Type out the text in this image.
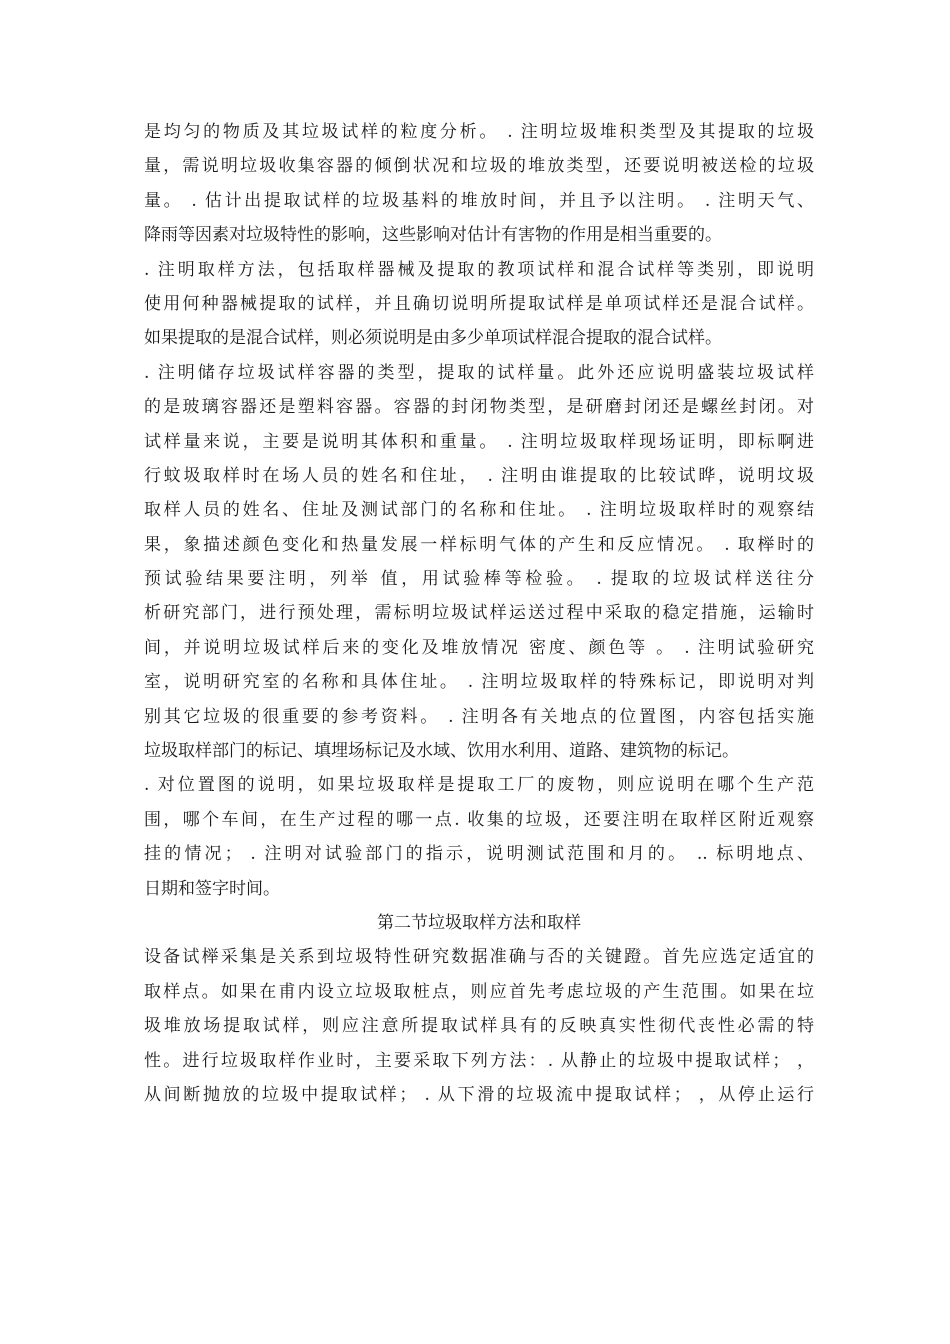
是均匀的物质及其垃圾试样的粒度分析。 . 注明垃圾堆积类型及其提取的垃圾
量，需说明垃圾收集容器的倾倒状况和垃圾的堆放类型，还要说明被送检的垃圾
量。 . 估计出提取试样的垃圾基料的堆放时间，并且予以注明。 . 注明天气、
降雨等因素对垃圾特性的影响，这些影响对估计有害物的作用是相当重要的。
. 注明取样方法，包括取样器械及提取的教项试样和混合试样等类别，即说明
使用何种器械提取的试样，并且确切说明所提取试样是单项试样还是混合试样。
如果提取的是混合试样，则必须说明是由多少单项试样混合提取的混合试样。
. 注明储存垃圾试样容器的类型，提取的试样量。此外还应说明盛装垃圾试样
的是玻璃容器还是塑料容器。容器的封闭物类型，是研磨封闭还是螺丝封闭。对
试样量来说，主要是说明其体积和重量。 . 注明垃圾取样现场证明，即标啊进
行蚊圾取样时在场人员的姓名和住址， . 注明由谁提取的比较试晔，说明坟圾
取样人员的姓名、住址及测试部门的名称和住址。 . 注明垃圾取样时的观察结
果，象描述颜色变化和热量发展一样标明气体的产生和反应情况。 . 取榉时的
预试验结果要注明，列举 值，用试验棒等检验。 . 提取的垃圾试样送往分
析研究部门，进行预处理，需标明垃圾试样运送过程中采取的稳定措施，运输时
间，并说明垃圾试样后来的变化及堆放情况 密度、颜色等 。 . 注明试验研究
室，说明研究室的名称和具体住址。 . 注明垃圾取样的特殊标记，即说明对判
别其它垃圾的很重要的参考资料。 . 注明各有关地点的位置图，内容包括实施
垃圾取样部门的标记、填埋场标记及水域、饮用水利用、道路、建筑物的标记。
. 对位置图的说明，如果垃圾取样是提取工厂的废物，则应说明在哪个生产范
围，哪个车间，在生产过程的哪一点. 收集的垃圾，还要注明在取样区附近观察
挂的情况； . 注明对试验部门的指示，说明测试范围和月的。 .. 标明地点、
日期和签字时间。
第二节垃圾取样方法和取样
设备试榉采集是关系到垃圾特性研究数据准确与否的关键蹬。首先应选定适宜的
取样点。如果在甫内设立垃圾取桩点，则应首先考虑垃圾的产生范围。如果在垃
圾堆放场提取试样，则应注意所提取试样具有的反映真实性彻代丧性必需的特
性。进行垃圾取样作业时，主要采取下列方法：. 从静止的垃圾中提取试样； ，
从间断抛放的垃圾中提取试样； . 从下滑的垃圾流中提取试样； ，从停止运行
